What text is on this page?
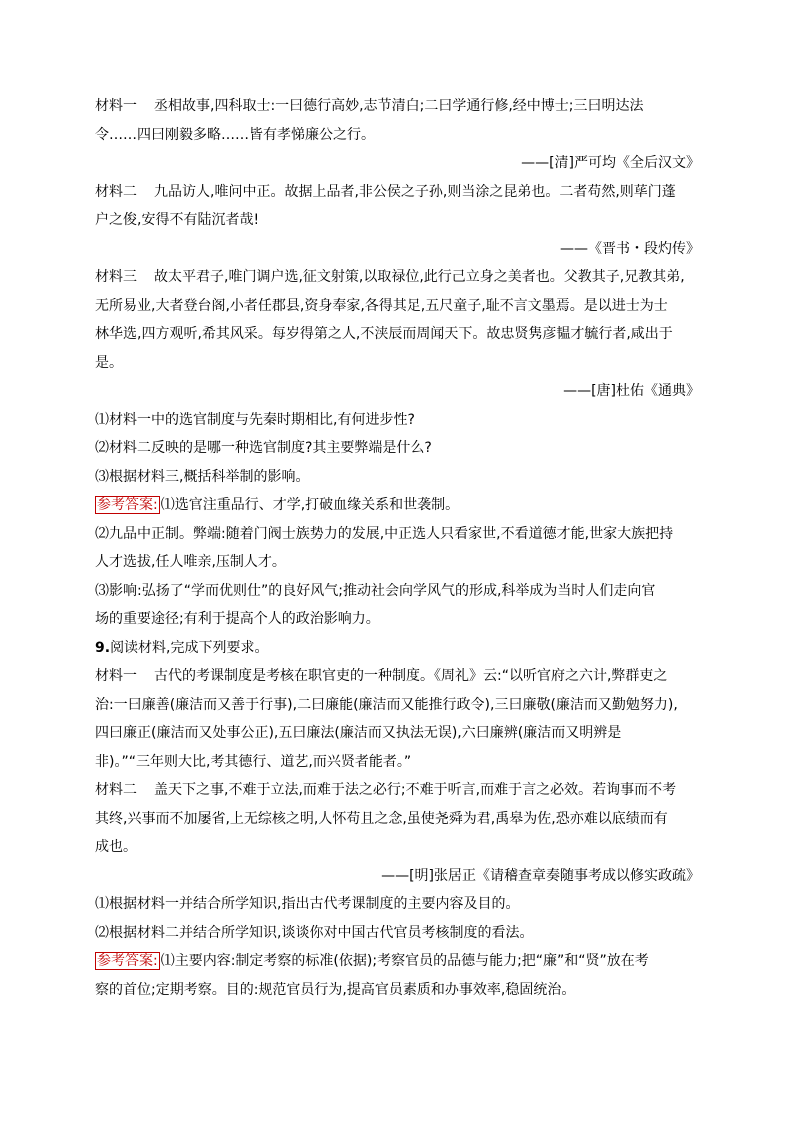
材料一 丞相故事,四科取士:一曰德行高妙,志节清白;二曰学通行修,经中博士;三曰明达法
令……四曰刚毅多略……皆有孝悌廉公之行。
——[清]严可均《全后汉文》
材料二 九品访人,唯问中正。故据上品者,非公侯之子孙,则当涂之昆弟也。二者苟然,则荜门蓬
户之俊,安得不有陆沉者哉!
——《晋书・段灼传》
材料三 故太平君子,唯门调户选,征文射策,以取禄位,此行己立身之美者也。父教其子,兄教其弟,
无所易业,大者登台阁,小者任郡县,资身奉家,各得其足,五尺童子,耻不言文墨焉。是以进士为士
林华选,四方观听,希其风采。每岁得第之人,不浃辰而周闻天下。故忠贤隽彦韫才毓行者,咸出于
是。
——[唐]杜佑《通典》
⑴材料一中的选官制度与先秦时期相比,有何进步性?
⑵材料二反映的是哪一种选官制度?其主要弊端是什么?
⑶根据材料三,概括科举制的影响。
参考答案: ⑴选官注重品行、才学,打破血缘关系和世袭制。
⑵九品中正制。弊端:随着门阀士族势力的发展,中正选人只看家世,不看道德才能,世家大族把持
人才选拔,任人唯亲,压制人才。
⑶影响:弘扬了“学而优则仕”的良好风气;推动社会向学风气的形成,科举成为当时人们走向官
场的重要途径;有利于提高个人的政治影响力。
9.阅读材料,完成下列要求。
材料一 古代的考课制度是考核在职官吏的一种制度。《周礼》云:“以听官府之六计,弊群吏之
治:一曰廉善(廉洁而又善于行事),二曰廉能(廉洁而又能推行政令),三曰廉敬(廉洁而又勤勉努力),
四曰廉正(廉洁而又处事公正),五曰廉法(廉洁而又执法无误),六曰廉辨(廉洁而又明辨是
非)。”“三年则大比,考其德行、道艺,而兴贤者能者。”
材料二 盖天下之事,不难于立法,而难于法之必行;不难于听言,而难于言之必效。若询事而不考
其终,兴事而不加屡省,上无综核之明,人怀苟且之念,虽使尧舜为君,禹皋为佐,恐亦难以底绩而有
成也。
——[明]张居正《请稽查章奏随事考成以修实政疏》
⑴根据材料一并结合所学知识,指出古代考课制度的主要内容及目的。
⑵根据材料二并结合所学知识,谈谈你对中国古代官员考核制度的看法。
参考答案: ⑴主要内容:制定考察的标准(依据);考察官员的品德与能力;把“廉”和“贤”放在考
察的首位;定期考察。目的:规范官员行为,提高官员素质和办事效率,稳固统治。
